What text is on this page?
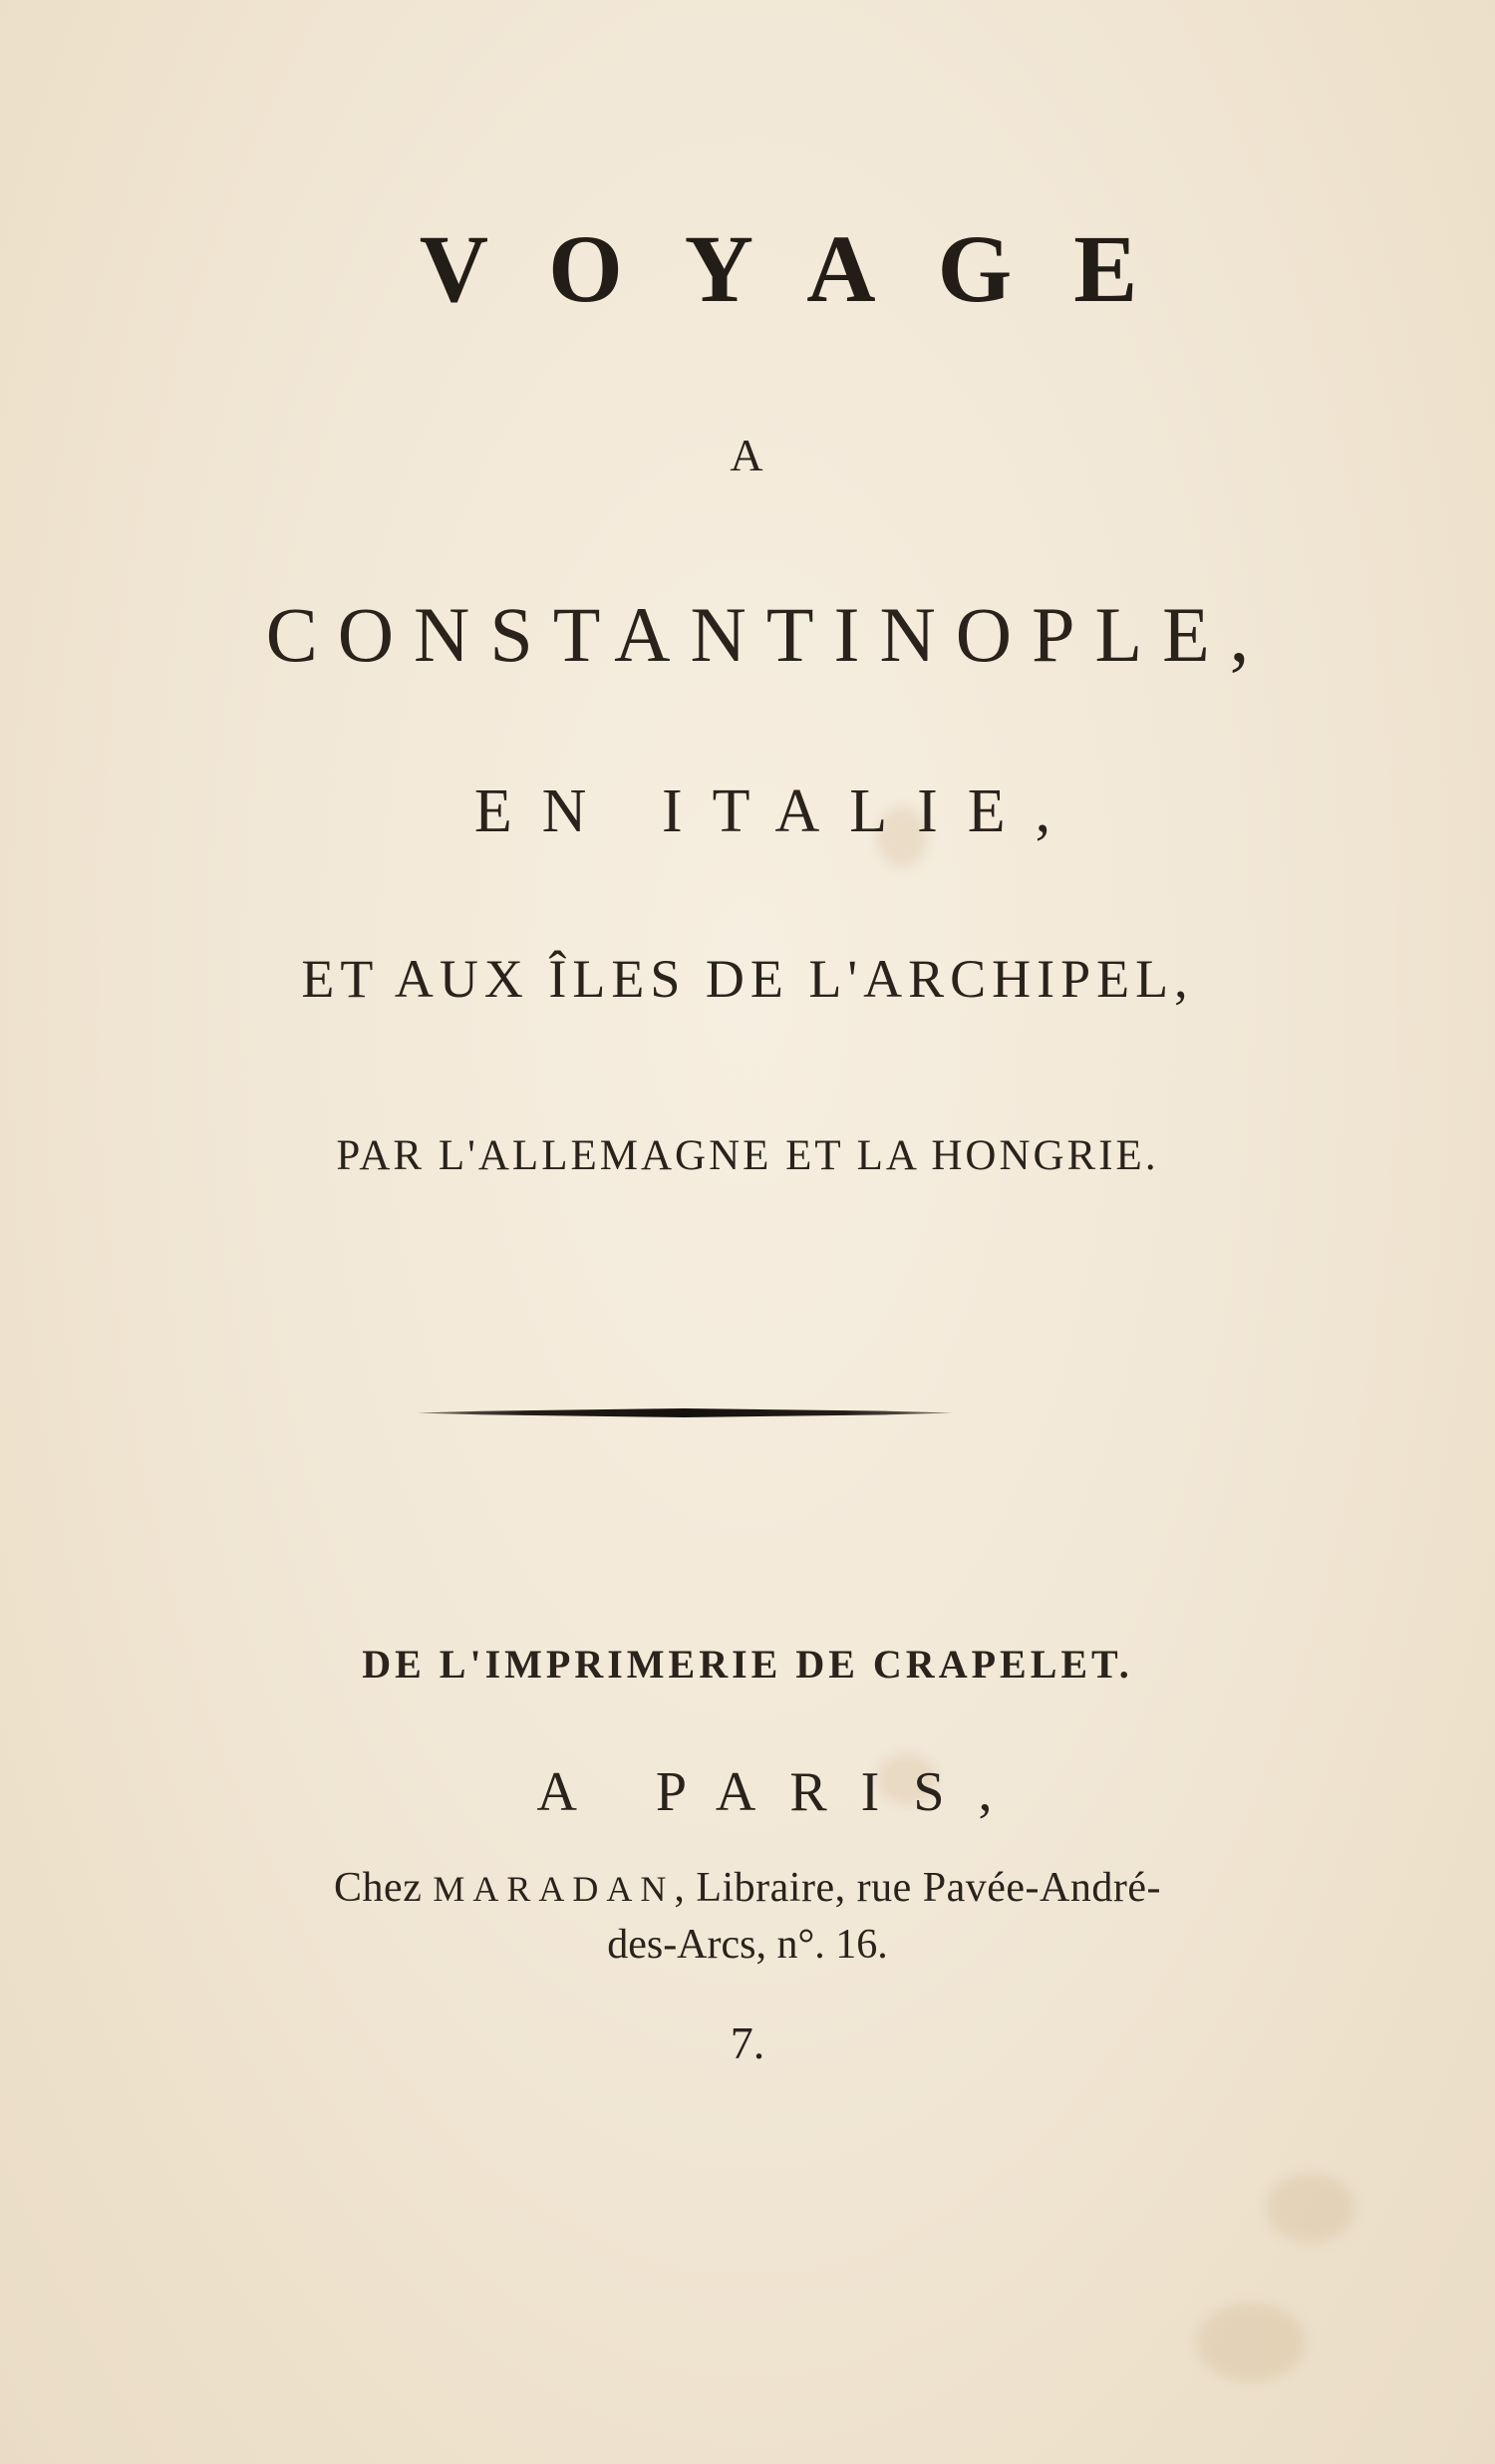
VOYAGE
A
CONSTANTINOPLE,
EN ITALIE,
ET AUX ÎLES DE L'ARCHIPEL,
PAR L'ALLEMAGNE ET LA HONGRIE.
DE L'IMPRIMERIE DE CRAPELET.
A PARIS,
Chez MARADAN, Libraire, rue Pavée-André-
des-Arcs, n°. 16.
7.
